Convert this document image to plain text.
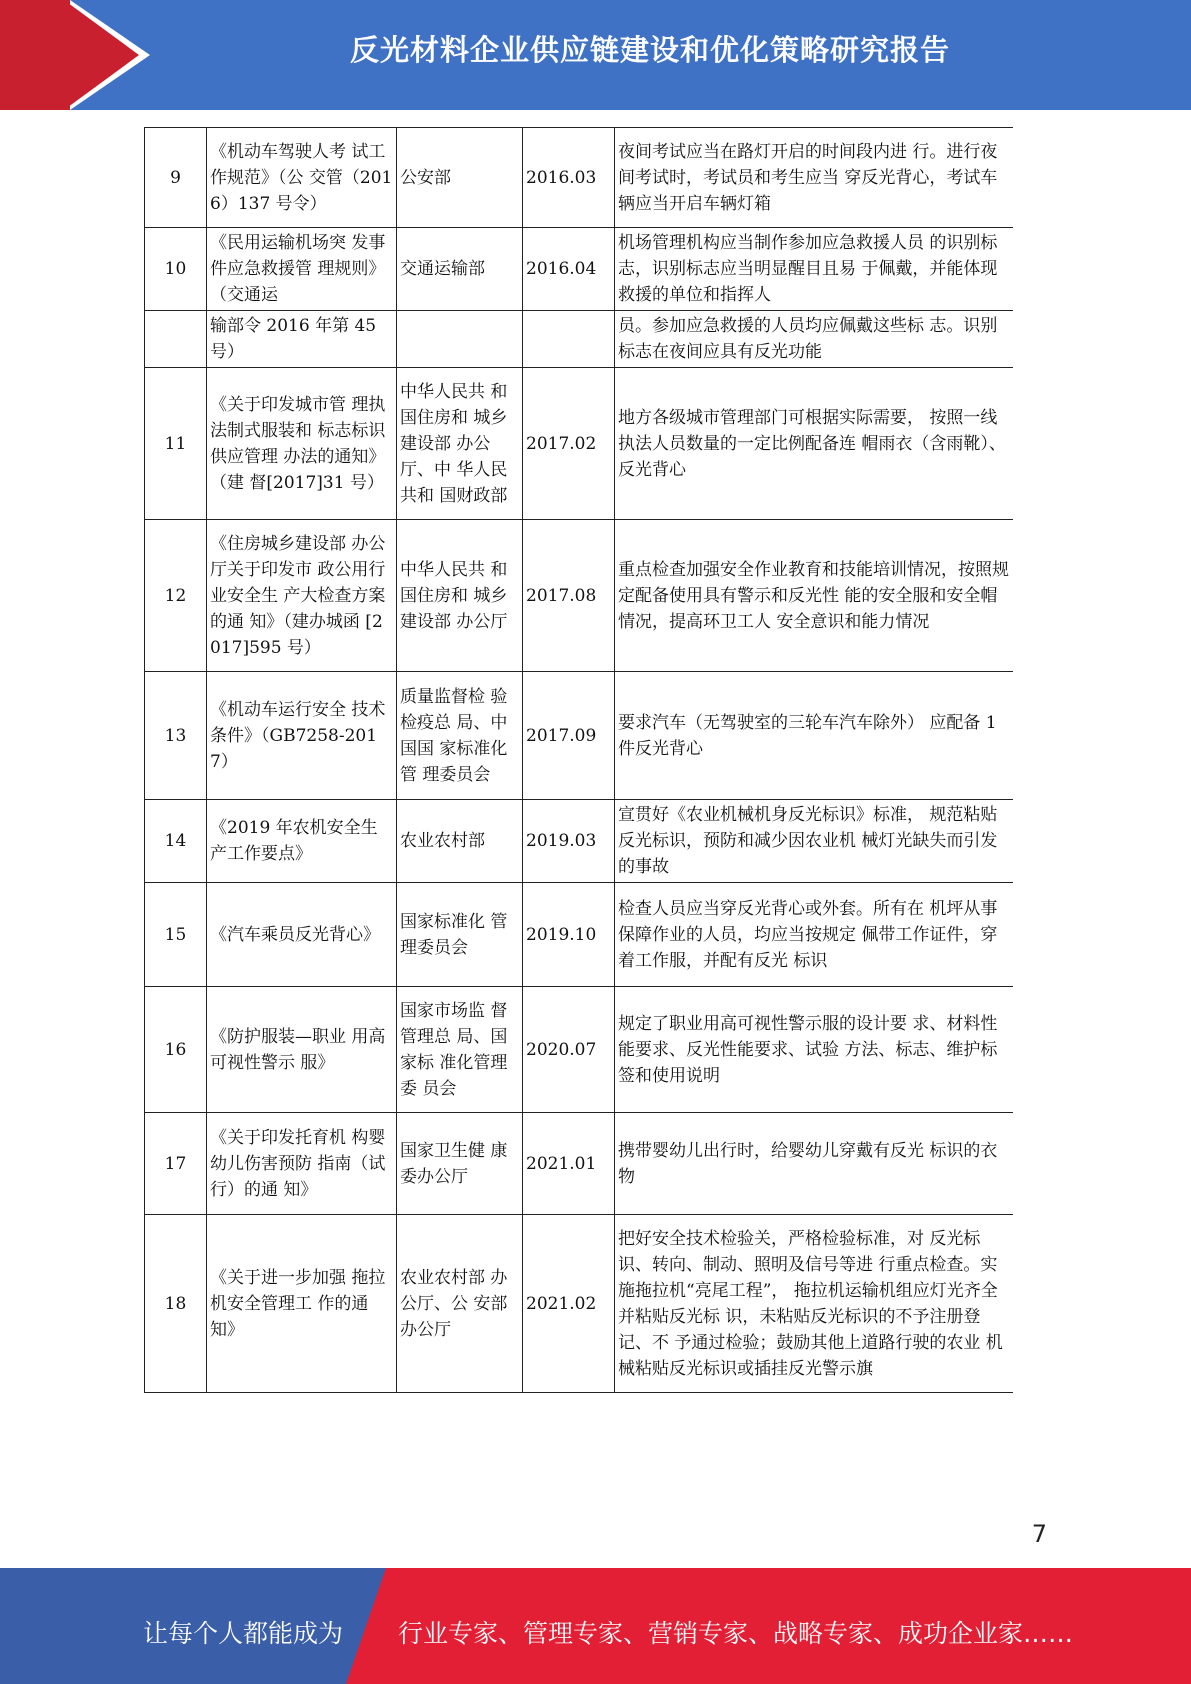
反光材料企业供应链建设和优化策略研究报告
9	《机动车驾驶人考 试工作规范》（公 交管（2016）137 号令）	公安部	2016.03	夜间考试应当在路灯开启的时间段内进 行。进行夜间考试时，考试员和考生应当 穿反光背心，考试车辆应当开启车辆灯箱
10	《民用运输机场突 发事件应急救援管 理规则》（交通运	交通运输部	2016.04	机场管理机构应当制作参加应急救援人员 的识别标志，识别标志应当明显醒目且易 于佩戴，并能体现救援的单位和指挥人
	输部令 2016 年第 45 号）			员。参加应急救援的人员均应佩戴这些标 志。识别标志在夜间应具有反光功能
11	《关于印发城市管 理执法制式服装和 标志标识供应管理 办法的通知》（建 督[2017]31 号）	中华人民共 和国住房和 城乡建设部 办公厅、中 华人民共和 国财政部	2017.02	地方各级城市管理部门可根据实际需要， 按照一线执法人员数量的一定比例配备连 帽雨衣（含雨靴）、反光背心
12	《住房城乡建设部 办公厅关于印发市 政公用行业安全生 产大检查方案的通 知》（建办城函 [2017]595 号）	中华人民共 和国住房和 城乡建设部 办公厅	2017.08	重点检查加强安全作业教育和技能培训情况，按照规定配备使用具有警示和反光性 能的安全服和安全帽情况，提高环卫工人 安全意识和能力情况
13	《机动车运行安全 技术条件》（GB7258-2017）	质量监督检 验检疫总 局、中国国 家标准化管 理委员会	2017.09	要求汽车（无驾驶室的三轮车汽车除外） 应配备 1 件反光背心
14	《2019 年农机安全生产工作要点》	农业农村部	2019.03	宣贯好《农业机械机身反光标识》标准， 规范粘贴反光标识，预防和减少因农业机 械灯光缺失而引发的事故
15	《汽车乘员反光背心》	国家标准化 管理委员会	2019.10	检查人员应当穿反光背心或外套。所有在 机坪从事保障作业的人员，均应当按规定 佩带工作证件，穿着工作服，并配有反光 标识
16	《防护服装—职业 用高可视性警示 服》	国家市场监 督管理总 局、国家标 准化管理委 员会	2020.07	规定了职业用高可视性警示服的设计要 求、材料性能要求、反光性能要求、试验 方法、标志、维护标签和使用说明
17	《关于印发托育机 构婴幼儿伤害预防 指南（试行）的通 知》	国家卫生健 康委办公厅	2021.01	携带婴幼儿出行时，给婴幼儿穿戴有反光 标识的衣物
18	《关于进一步加强 拖拉机安全管理工 作的通知》	农业农村部 办公厅、公 安部办公厅	2021.02	把好安全技术检验关，严格检验标准，对 反光标识、转向、制动、照明及信号等进 行重点检查。实施拖拉机“亮尾工程”， 拖拉机运输机组应灯光齐全并粘贴反光标 识，未粘贴反光标识的不予注册登记、不 予通过检验；鼓励其他上道路行驶的农业 机械粘贴反光标识或插挂反光警示旗
7
让每个人都能成为 行业专家、管理专家、营销专家、战略专家、成功企业家……
